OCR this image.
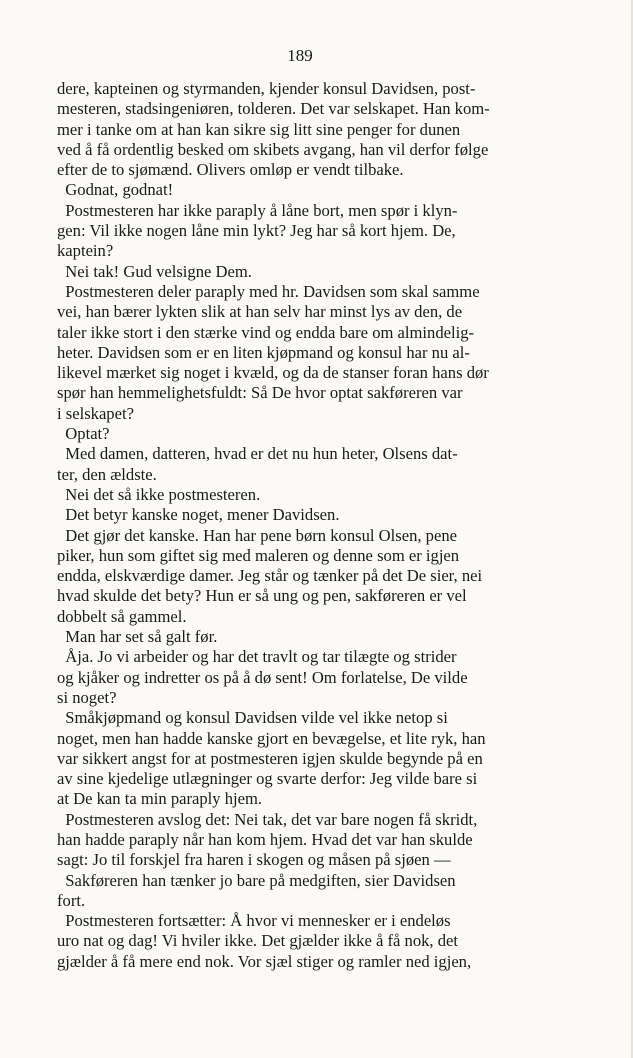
189
dere, kapteinen og styrmanden, kjender konsul Davidsen, post-
mesteren, stadsingeniøren, tolderen. Det var selskapet. Han kom-
mer i tanke om at han kan sikre sig litt sine penger for dunen
ved å få ordentlig besked om skibets avgang, han vil derfor følge
efter de to sjømænd. Olivers omløp er vendt tilbake.
Godnat, godnat!
Postmesteren har ikke paraply å låne bort, men spør i klyn-
gen: Vil ikke nogen låne min lykt? Jeg har så kort hjem. De,
kaptein?
Nei tak! Gud velsigne Dem.
Postmesteren deler paraply med hr. Davidsen som skal samme
vei, han bærer lykten slik at han selv har minst lys av den, de
taler ikke stort i den stærke vind og endda bare om almindelig-
heter. Davidsen som er en liten kjøpmand og konsul har nu al-
likevel mærket sig noget i kvæld, og da de stanser foran hans dør
spør han hemmelighetsfuldt: Så De hvor optat sakføreren var
i selskapet?
Optat?
Med damen, datteren, hvad er det nu hun heter, Olsens dat-
ter, den ældste.
Nei det så ikke postmesteren.
Det betyr kanske noget, mener Davidsen.
Det gjør det kanske. Han har pene børn konsul Olsen, pene
piker, hun som giftet sig med maleren og denne som er igjen
endda, elskværdige damer. Jeg står og tænker på det De sier, nei
hvad skulde det bety? Hun er så ung og pen, sakføreren er vel
dobbelt så gammel.
Man har set så galt før.
Åja. Jo vi arbeider og har det travlt og tar tilægte og strider
og kjåker og indretter os på å dø sent! Om forlatelse, De vilde
si noget?
Småkjøpmand og konsul Davidsen vilde vel ikke netop si
noget, men han hadde kanske gjort en bevægelse, et lite ryk, han
var sikkert angst for at postmesteren igjen skulde begynde på en
av sine kjedelige utlægninger og svarte derfor: Jeg vilde bare si
at De kan ta min paraply hjem.
Postmesteren avslog det: Nei tak, det var bare nogen få skridt,
han hadde paraply når han kom hjem. Hvad det var han skulde
sagt: Jo til forskjel fra haren i skogen og måsen på sjøen —
Sakføreren han tænker jo bare på medgiften, sier Davidsen
fort.
Postmesteren fortsætter: Å hvor vi mennesker er i endeløs
uro nat og dag! Vi hviler ikke. Det gjælder ikke å få nok, det
gjælder å få mere end nok. Vor sjæl stiger og ramler ned igjen,
